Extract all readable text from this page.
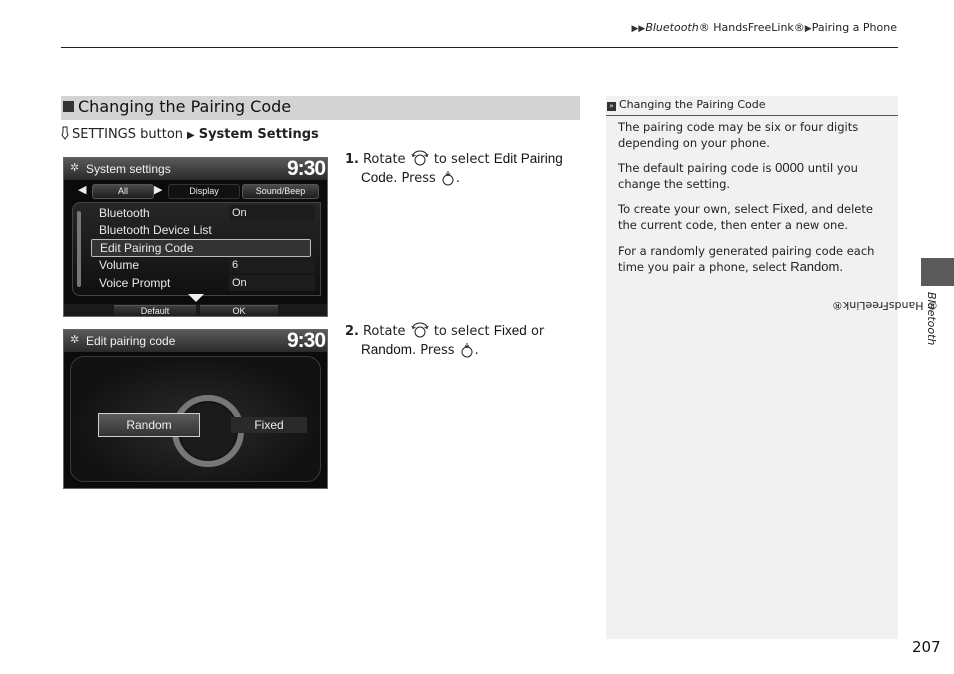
▶▶Bluetooth® HandsFreeLink®▶Pairing a Phone
Changing the Pairing Code
SETTINGS button ▶ System Settings
✲ System settings	9:30
◀	All	▶	Display	Sound/Beep
Bluetooth	On
Bluetooth Device List
Edit Pairing Code
Volume	6
Voice Prompt	On
Default	OK
✲ Edit pairing code	9:30
Random	Fixed
1. Rotate to select Edit Pairing Code. Press .
2. Rotate to select Fixed or Random. Press .
» Changing the Pairing Code
The pairing code may be six or four digits depending on your phone.
The default pairing code is 0000 until you change the setting.
To create your own, select Fixed, and delete the current code, then enter a new one.
For a randomly generated pairing code each time you pair a phone, select Random.
Bluetooth
® HandsFreeLink®
207
